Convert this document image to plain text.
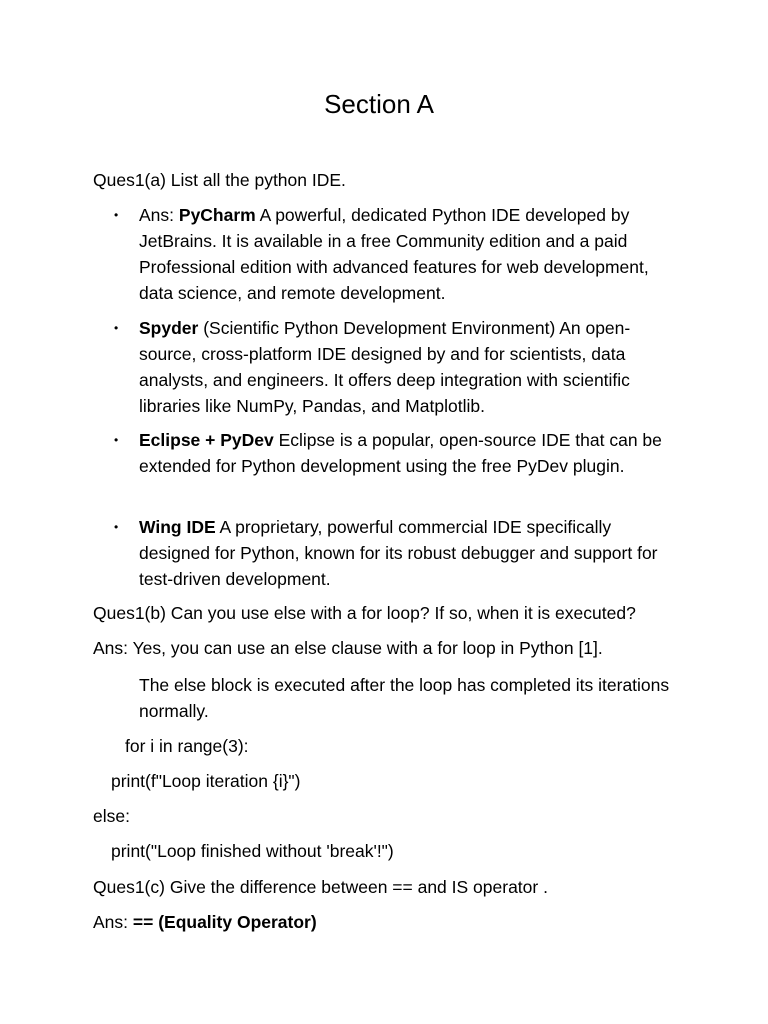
Section A
Ques1(a) List all the python IDE.
• Ans: PyCharm A powerful, dedicated Python IDE developed by JetBrains. It is available in a free Community edition and a paid Professional edition with advanced features for web development, data science, and remote development.
• Spyder (Scientific Python Development Environment) An open-source, cross-platform IDE designed by and for scientists, data analysts, and engineers. It offers deep integration with scientific libraries like NumPy, Pandas, and Matplotlib.
• Eclipse + PyDev Eclipse is a popular, open-source IDE that can be extended for Python development using the free PyDev plugin.
• Wing IDE A proprietary, powerful commercial IDE specifically designed for Python, known for its robust debugger and support for test-driven development.
Ques1(b) Can you use else with a for loop? If so, when it is executed?
Ans: Yes, you can use an else clause with a for loop in Python [1].
The else block is executed after the loop has completed its iterations normally.
for i in range(3):
print(f"Loop iteration {i}")
else:
print("Loop finished without 'break'!")
Ques1(c) Give the difference between == and IS operator .
Ans: == (Equality Operator)
